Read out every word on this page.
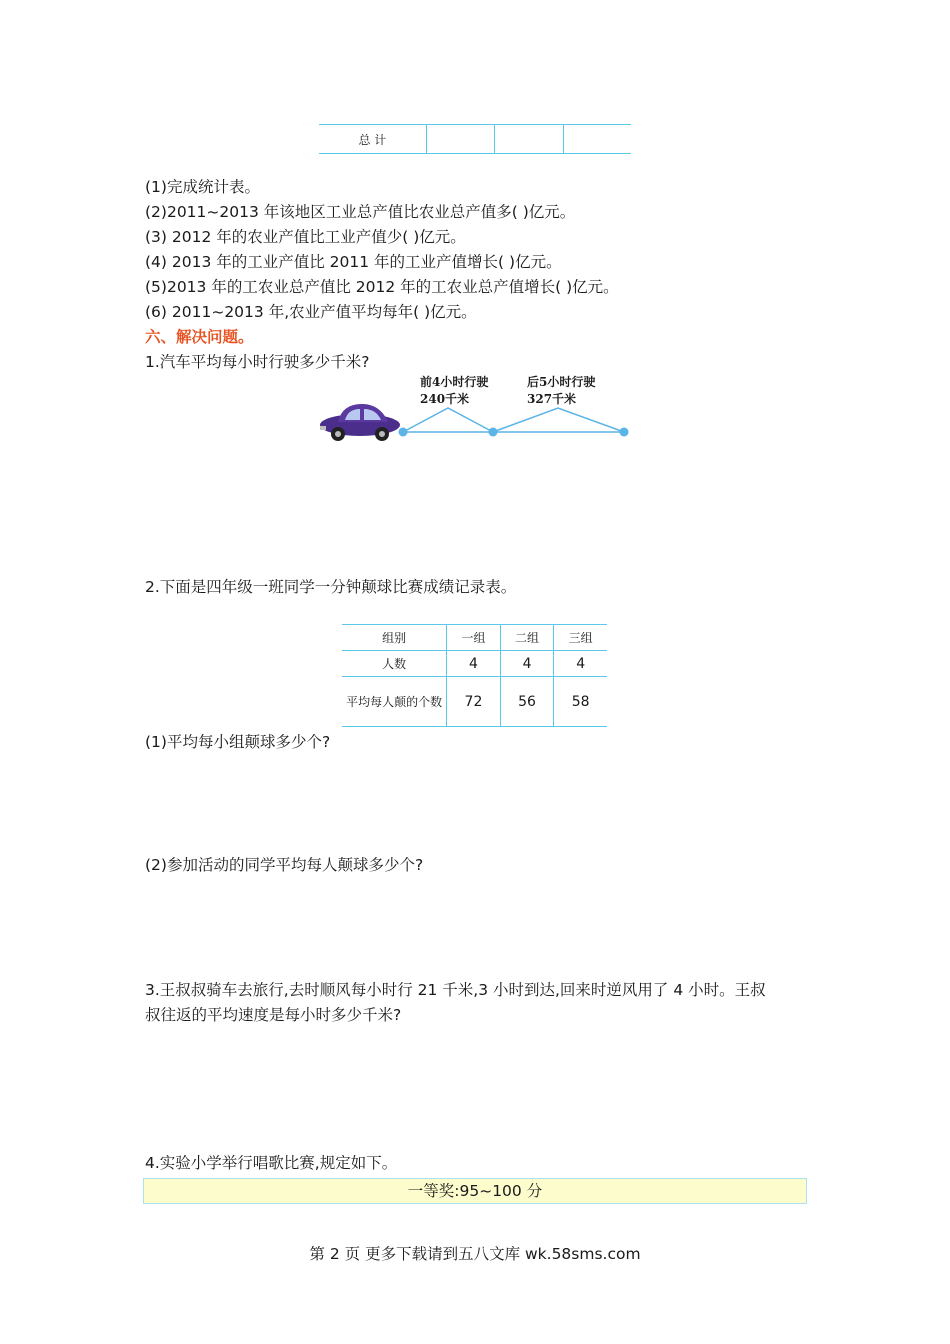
总 计			
(1)完成统计表。
(2)2011~2013 年该地区工业总产值比农业总产值多( )亿元。
(3) 2012 年的农业产值比工业产值少( )亿元。
(4) 2013 年的工业产值比 2011 年的工业产值增长( )亿元。
(5)2013 年的工农业总产值比 2012 年的工农业总产值增长( )亿元。
(6) 2011~2013 年,农业产值平均每年( )亿元。
六、解决问题。
1.汽车平均每小时行驶多少千米?
前4小时行驶
240千米
后5小时行驶
327千米
2.下面是四年级一班同学一分钟颠球比赛成绩记录表。
组别	一组	二组	三组
人数	4	4	4
平均每人颠的个数	72	56	58
(1)平均每小组颠球多少个?
(2)参加活动的同学平均每人颠球多少个?
3.王叔叔骑车去旅行,去时顺风每小时行 21 千米,3 小时到达,回来时逆风用了 4 小时。王叔
叔往返的平均速度是每小时多少千米?
4.实验小学举行唱歌比赛,规定如下。
一等奖:95~100 分
第 2 页 更多下载请到五八文库 wk.58sms.com
